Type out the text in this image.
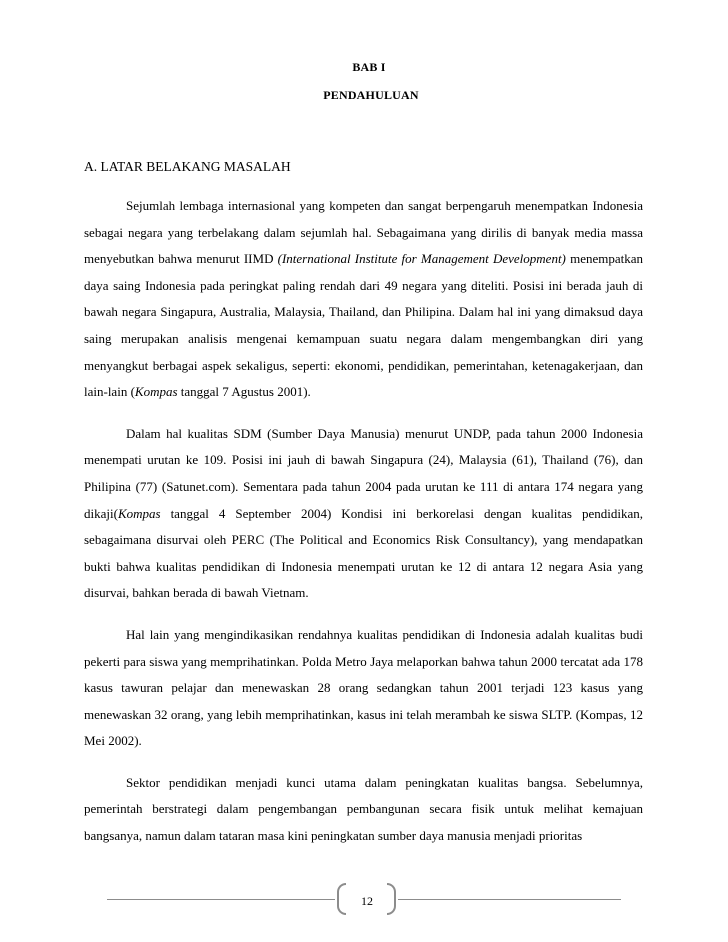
BAB I
PENDAHULUAN
A. LATAR BELAKANG MASALAH

Sejumlah lembaga internasional yang kompeten dan sangat berpengaruh menempatkan Indonesia sebagai negara yang terbelakang dalam sejumlah hal. Sebagaimana yang dirilis di banyak media massa menyebutkan bahwa menurut IIMD (International Institute for Management Development) menempatkan daya saing Indonesia pada peringkat paling rendah dari 49 negara yang diteliti. Posisi ini berada jauh di bawah negara Singapura, Australia, Malaysia, Thailand, dan Philipina. Dalam hal ini yang dimaksud daya saing merupakan analisis mengenai kemampuan suatu negara dalam mengembangkan diri yang menyangkut berbagai aspek sekaligus, seperti: ekonomi, pendidikan, pemerintahan, ketenagakerjaan, dan lain-lain (Kompas tanggal 7 Agustus 2001).

Dalam hal kualitas SDM (Sumber Daya Manusia) menurut UNDP, pada tahun 2000 Indonesia menempati urutan ke 109. Posisi ini jauh di bawah Singapura (24), Malaysia (61), Thailand (76), dan Philipina (77) (Satunet.com). Sementara pada tahun 2004 pada urutan ke 111 di antara 174 negara yang dikaji(Kompas tanggal 4 September 2004) Kondisi ini berkorelasi dengan kualitas pendidikan, sebagaimana disurvai oleh PERC (The Political and Economics Risk Consultancy), yang mendapatkan bukti bahwa kualitas pendidikan di Indonesia menempati urutan ke 12 di antara 12 negara Asia yang disurvai, bahkan berada di bawah Vietnam.

Hal lain yang mengindikasikan rendahnya kualitas pendidikan di Indonesia adalah kualitas budi pekerti para siswa yang memprihatinkan. Polda Metro Jaya melaporkan bahwa tahun 2000 tercatat ada 178 kasus tawuran pelajar dan menewaskan 28 orang sedangkan tahun 2001 terjadi 123 kasus yang menewaskan 32 orang, yang lebih memprihatinkan, kasus ini telah merambah ke siswa SLTP. (Kompas, 12 Mei 2002).

Sektor pendidikan menjadi kunci utama dalam peningkatan kualitas bangsa. Sebelumnya, pemerintah berstrategi dalam pengembangan pembangunan secara fisik untuk melihat kemajuan bangsanya, namun dalam tataran masa kini peningkatan sumber daya manusia menjadi prioritas

12
